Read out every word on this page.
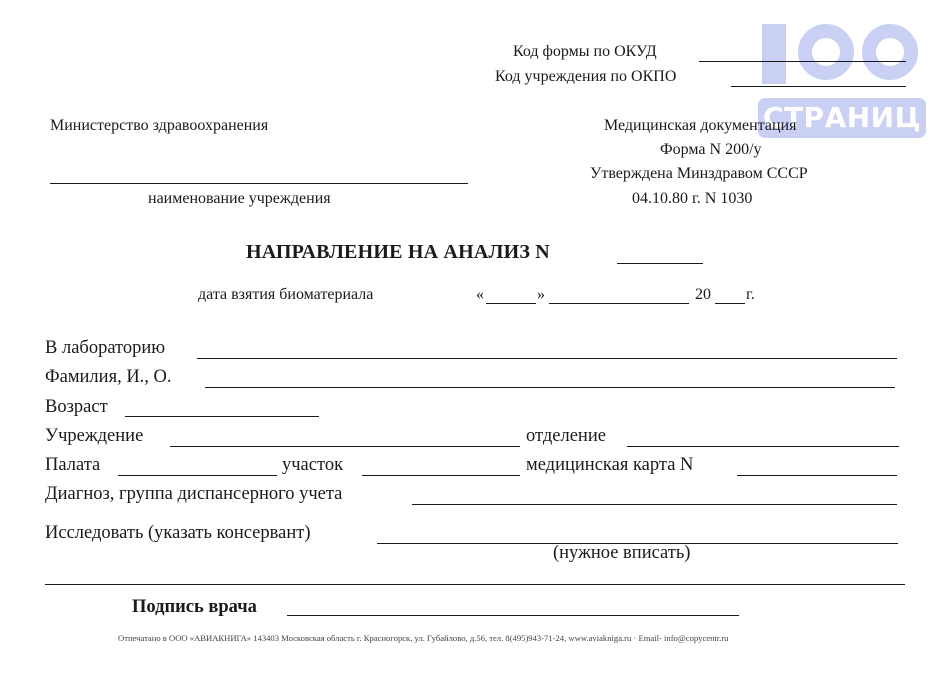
СТРАНИЦ
Код формы по ОКУД
Код учреждения по ОКПО
Министерство здравоохранения
наименование учреждения
Медицинская документация
Форма N 200/у
Утверждена Минздравом СССР
04.10.80 г. N 1030
НАПРАВЛЕНИЕ НА АНАЛИЗ N
дата взятия биоматериала	«	»	20 г.
В лабораторию
Фамилия, И., О.
Возраст
Учреждение	отделение
Палата	участок	медицинская карта N
Диагноз, группа диспансерного учета
Исследовать (указать консервант)
(нужное вписать)
Подпись врача
Отпечатано в ООО «АВИАКНИГА» 143403 Московская область г. Красногорск, ул. Губайлово, д.56, тел. 8(495)943-71-24, www.aviakniga.ru · Email- info@copycentr.ru
